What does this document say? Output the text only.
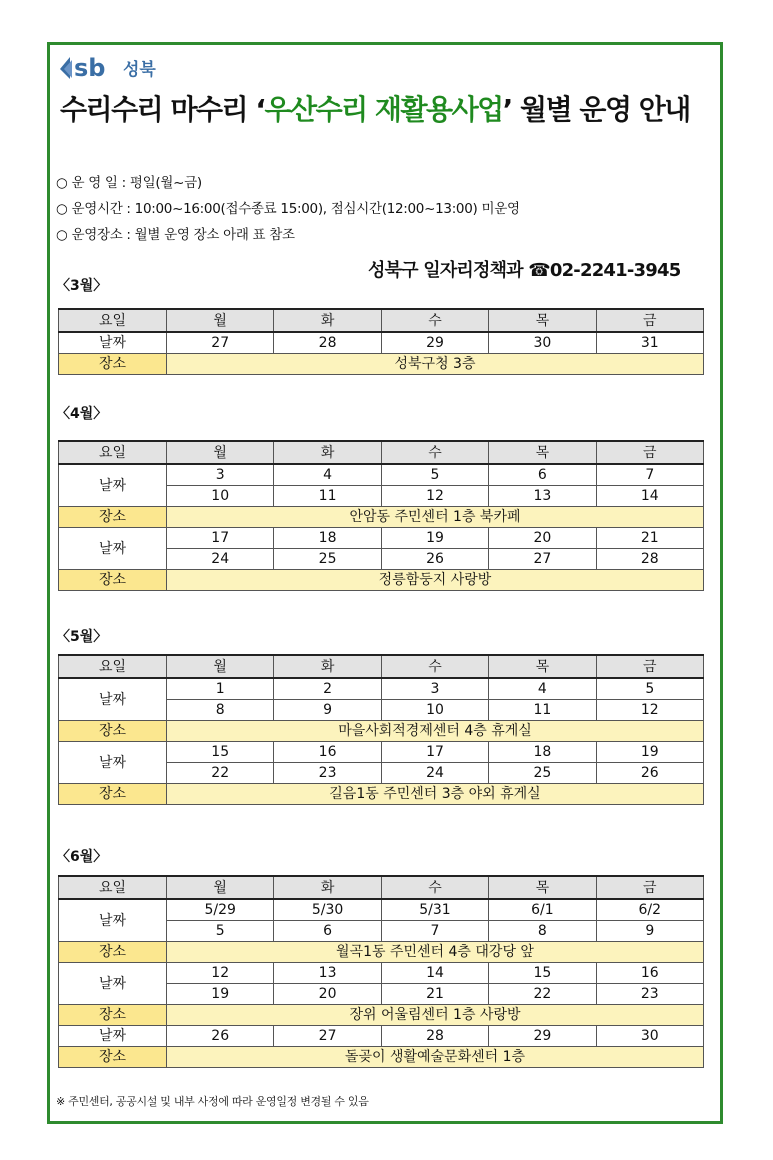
sb 성북
수리수리 마수리 ‘우산수리 재활용사업’ 월별 운영 안내
○ 운 영 일 : 평일(월~금)
○ 운영시간 : 10:00~16:00(접수종료 15:00), 점심시간(12:00~13:00) 미운영
○ 운영장소 : 월별 운영 장소 아래 표 참조
성북구 일자리정책과 ☎02-2241-3945
〈3월〉
요일	월	화	수	목	금
날짜	27	28	29	30	31
장소	성북구청 3층				
〈4월〉
요일	월	화	수	목	금
날짜	3	4	5	6	7
	10	11	12	13	14
장소	안암동 주민센터 1층 북카페				
날짜	17	18	19	20	21
	24	25	26	27	28
장소	정릉함둥지 사랑방				
〈5월〉
요일	월	화	수	목	금
날짜	1	2	3	4	5
	8	9	10	11	12
장소	마을사회적경제센터 4층 휴게실				
날짜	15	16	17	18	19
	22	23	24	25	26
장소	길음1동 주민센터 3층 야외 휴게실				
〈6월〉
요일	월	화	수	목	금
날짜	5/29	5/30	5/31	6/1	6/2
	5	6	7	8	9
장소	월곡1동 주민센터 4층 대강당 앞				
날짜	12	13	14	15	16
	19	20	21	22	23
장소	장위 어울림센터 1층 사랑방				
날짜	26	27	28	29	30
장소	돌곶이 생활예술문화센터 1층				
※ 주민센터, 공공시설 및 내부 사정에 따라 운영일정 변경될 수 있음
